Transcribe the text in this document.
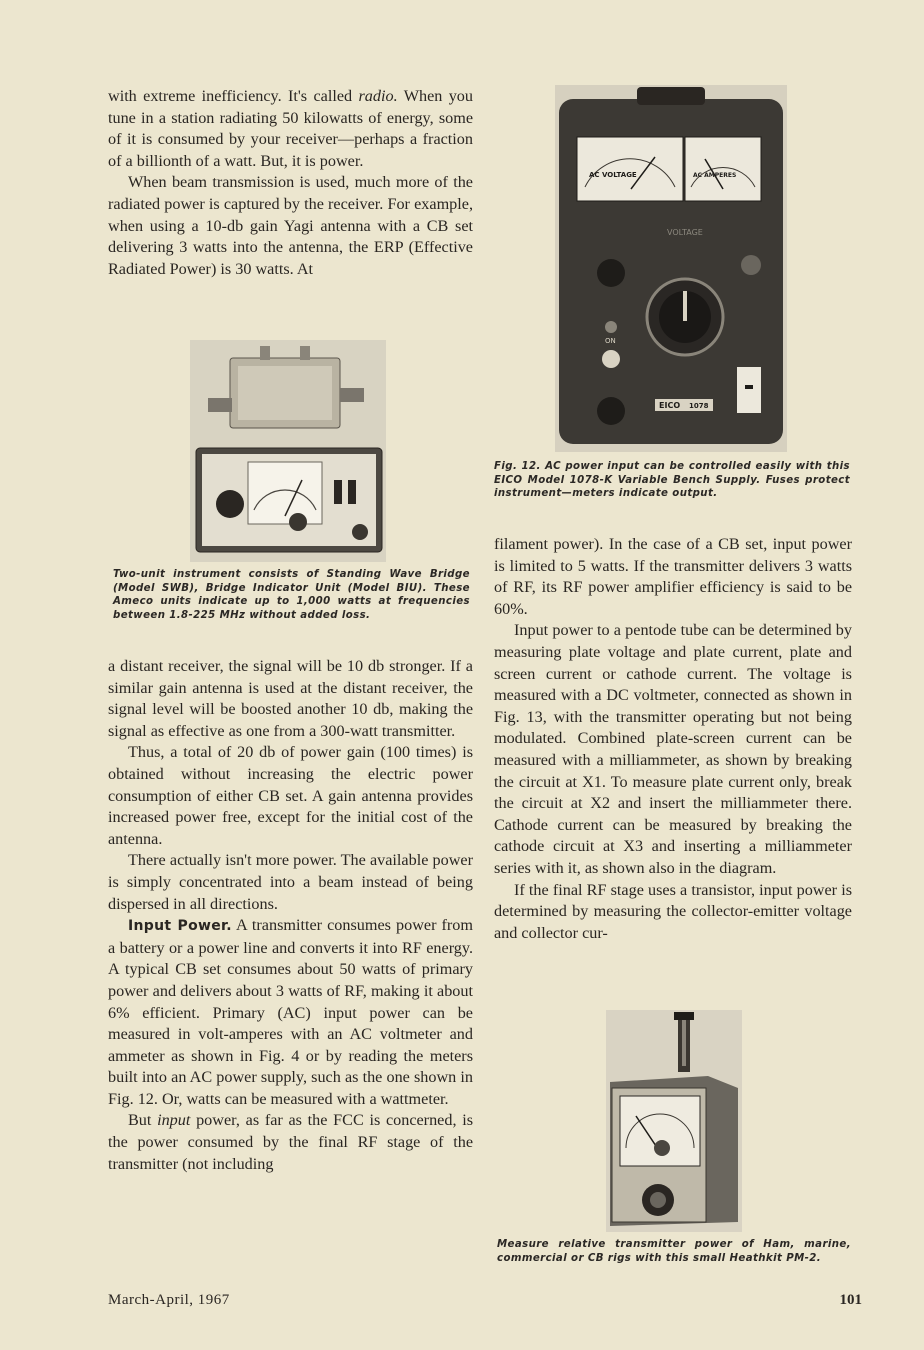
with extreme inefficiency. It's called radio. When you tune in a station radiating 50 kilowatts of energy, some of it is consumed by your receiver—perhaps a fraction of a billionth of a watt. But, it is power.

When beam transmission is used, much more of the radiated power is captured by the receiver. For example, when using a 10-db gain Yagi antenna with a CB set delivering 3 watts into the antenna, the ERP (Effective Radiated Power) is 30 watts. At

Two-unit instrument consists of Standing Wave Bridge (Model SWB), Bridge Indicator Unit (Model BIU). These Ameco units indicate up to 1,000 watts at frequencies between 1.8-225 MHz without added loss.

a distant receiver, the signal will be 10 db stronger. If a similar gain antenna is used at the distant receiver, the signal level will be boosted another 10 db, making the signal as effective as one from a 300-watt transmitter.

Thus, a total of 20 db of power gain (100 times) is obtained without increasing the electric power consumption of either CB set. A gain antenna provides increased power free, except for the initial cost of the antenna.

There actually isn't more power. The available power is simply concentrated into a beam instead of being dispersed in all directions.

Input Power. A transmitter consumes power from a battery or a power line and converts it into RF energy. A typical CB set consumes about 50 watts of primary power and delivers about 3 watts of RF, making it about 6% efficient. Primary (AC) input power can be measured in volt-amperes with an AC voltmeter and ammeter as shown in Fig. 4 or by reading the meters built into an AC power supply, such as the one shown in Fig. 12. Or, watts can be measured with a wattmeter.

But input power, as far as the FCC is concerned, is the power consumed by the final RF stage of the transmitter (not including

AC VOLTAGE	AC AMPERES
VOLTAGE
ON
EICO 1078
Fig. 12. AC power input can be controlled easily with this EICO Model 1078-K Variable Bench Supply. Fuses protect instrument—meters indicate output.

filament power). In the case of a CB set, input power is limited to 5 watts. If the transmitter delivers 3 watts of RF, its RF power amplifier efficiency is said to be 60%.

Input power to a pentode tube can be determined by measuring plate voltage and plate current, plate and screen current or cathode current. The voltage is measured with a DC voltmeter, connected as shown in Fig. 13, with the transmitter operating but not being modulated. Combined plate-screen current can be measured with a milliammeter, as shown by breaking the circuit at X1. To measure plate current only, break the circuit at X2 and insert the milliammeter there. Cathode current can be measured by breaking the cathode circuit at X3 and inserting a milliammeter series with it, as shown also in the diagram.

If the final RF stage uses a transistor, input power is determined by measuring the collector-emitter voltage and collector cur-

Measure relative transmitter power of Ham, marine, commercial or CB rigs with this small Heathkit PM-2.
March-April, 1967	101
